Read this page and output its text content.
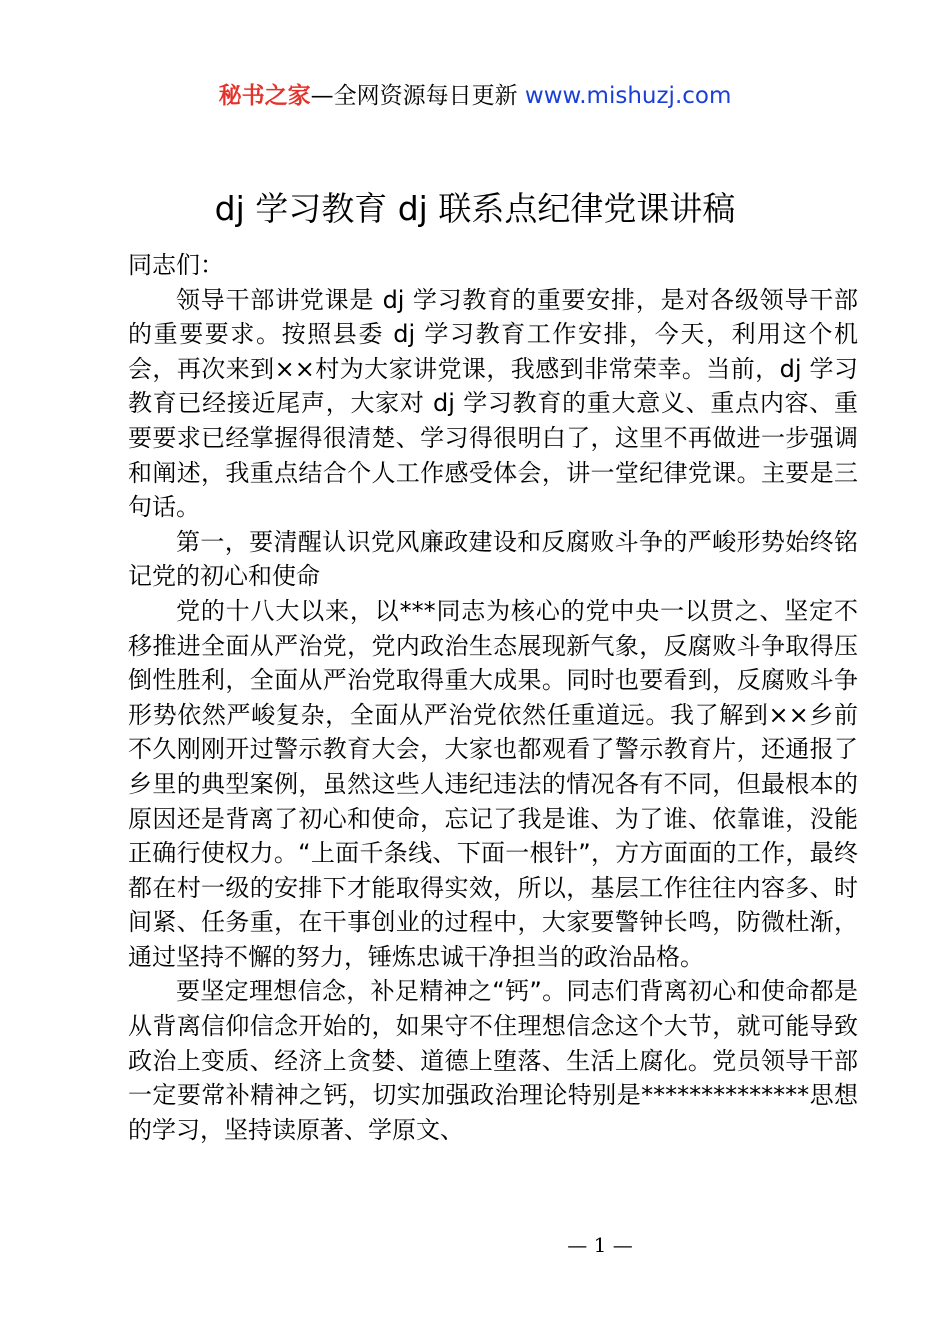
秘书之家—全网资源每日更新 www.mishuzj.com
dj 学习教育 dj 联系点纪律党课讲稿

同志们：

领导干部讲党课是 dj 学习教育的重要安排，是对各级领导干部的重要要求。按照县委 dj 学习教育工作安排，今天，利用这个机会，再次来到××村为大家讲党课，我感到非常荣幸。当前，dj 学习教育已经接近尾声，大家对 dj 学习教育的重大意义、重点内容、重要要求已经掌握得很清楚、学习得很明白了，这里不再做进一步强调和阐述，我重点结合个人工作感受体会，讲一堂纪律党课。主要是三句话。

第一，要清醒认识党风廉政建设和反腐败斗争的严峻形势始终铭记党的初心和使命

党的十八大以来，以***同志为核心的党中央一以贯之、坚定不移推进全面从严治党，党内政治生态展现新气象，反腐败斗争取得压倒性胜利，全面从严治党取得重大成果。同时也要看到，反腐败斗争形势依然严峻复杂，全面从严治党依然任重道远。我了解到××乡前不久刚刚开过警示教育大会，大家也都观看了警示教育片，还通报了乡里的典型案例，虽然这些人违纪违法的情况各有不同，但最根本的原因还是背离了初心和使命，忘记了我是谁、为了谁、依靠谁，没能正确行使权力。“上面千条线、下面一根针”，方方面面的工作，最终都在村一级的安排下才能取得实效，所以，基层工作往往内容多、时间紧、任务重，在干事创业的过程中，大家要警钟长鸣，防微杜渐，通过坚持不懈的努力，锤炼忠诚干净担当的政治品格。

要坚定理想信念，补足精神之“钙”。同志们背离初心和使命都是从背离信仰信念开始的，如果守不住理想信念这个大节，就可能导致政治上变质、经济上贪婪、道德上堕落、生活上腐化。党员领导干部一定要常补精神之钙，切实加强政治理论特别是**************思想的学习，坚持读原著、学原文、

— 1 —
